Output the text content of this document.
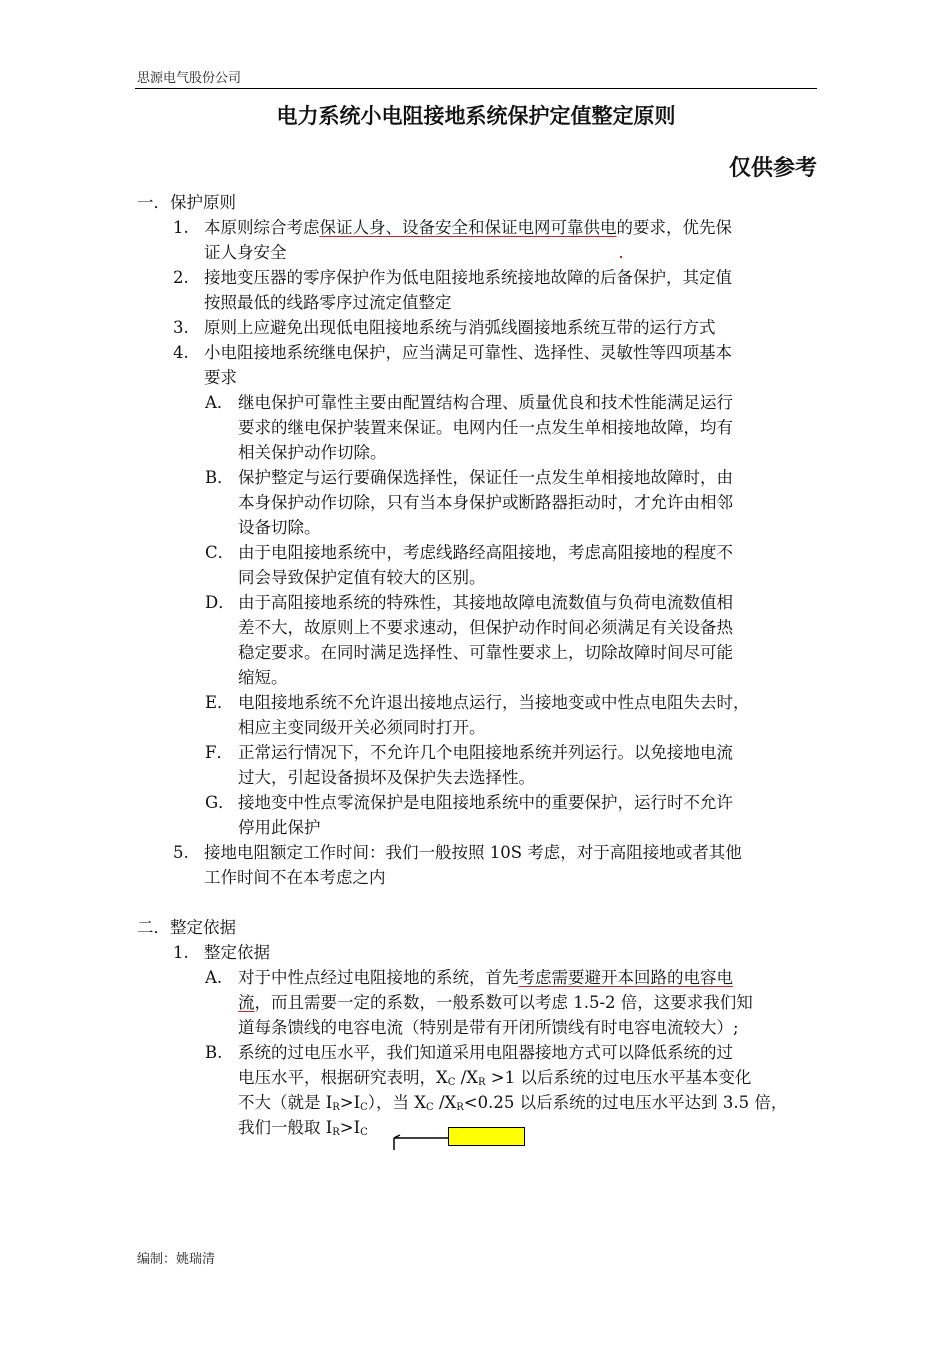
思源电气股份公司
电力系统小电阻接地系统保护定值整定原则
仅供参考
一．保护原则
1. 本原则综合考虑保证人身、设备安全和保证电网可靠供电的要求，优先保
证人身安全
2. 接地变压器的零序保护作为低电阻接地系统接地故障的后备保护，其定值
按照最低的线路零序过流定值整定
3. 原则上应避免出现低电阻接地系统与消弧线圈接地系统互带的运行方式
4. 小电阻接地系统继电保护，应当满足可靠性、选择性、灵敏性等四项基本
要求
A． 继电保护可靠性主要由配置结构合理、质量优良和技术性能满足运行
要求的继电保护装置来保证。电网内任一点发生单相接地故障，均有
相关保护动作切除。
B． 保护整定与运行要确保选择性，保证任一点发生单相接地故障时，由
本身保护动作切除，只有当本身保护或断路器拒动时，才允许由相邻
设备切除。
C． 由于电阻接地系统中，考虑线路经高阻接地，考虑高阻接地的程度不
同会导致保护定值有较大的区别。
D． 由于高阻接地系统的特殊性，其接地故障电流数值与负荷电流数值相
差不大，故原则上不要求速动，但保护动作时间必须满足有关设备热
稳定要求。在同时满足选择性、可靠性要求上，切除故障时间尽可能
缩短。
E． 电阻接地系统不允许退出接地点运行，当接地变或中性点电阻失去时，
相应主变同级开关必须同时打开。
F． 正常运行情况下，不允许几个电阻接地系统并列运行。以免接地电流
过大，引起设备损坏及保护失去选择性。
G． 接地变中性点零流保护是电阻接地系统中的重要保护，运行时不允许
停用此保护
5. 接地电阻额定工作时间：我们一般按照 10S 考虑，对于高阻接地或者其他
工作时间不在本考虑之内
二．整定依据
1. 整定依据
A. 对于中性点经过电阻接地的系统，首先考虑需要避开本回路的电容电
流，而且需要一定的系数，一般系数可以考虑 1.5-2 倍，这要求我们知
道每条馈线的电容电流（特别是带有开闭所馈线有时电容电流较大）;
B. 系统的过电压水平，我们知道采用电阻器接地方式可以降低系统的过
电压水平，根据研究表明，$X_C$ $/X_R >1$ 以后系统的过电压水平基本变化
不大（就是 $I_R>I_C$），当 $X_C$ $/X_R<0.25$ 以后系统的过电压水平达到 3.5 倍，
我们一般取 $I_R>I_C$
编制：姚瑞清
